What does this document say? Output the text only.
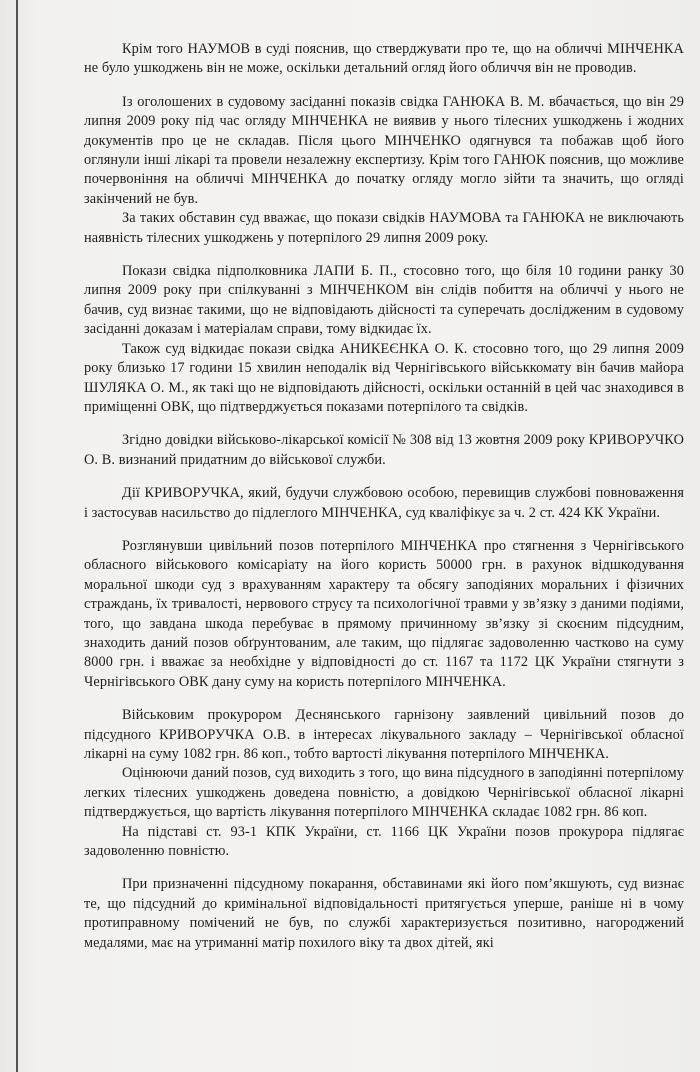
Крім того НАУМОВ в суді пояснив, що стверджувати про те, що на обличчі МІНЧЕНКА не було ушкоджень він не може, оскільки детальний огляд його обличчя він не проводив.

Із оголошених в судовому засіданні показів свідка ГАНЮКА В. М. вбачається, що він 29 липня 2009 року під час огляду МІНЧЕНКА не виявив у нього тілесних ушкоджень і жодних документів про це не складав. Після цього МІНЧЕНКО одягнувся та побажав щоб його оглянули інші лікарі та провели незалежну експертизу. Крім того ГАНЮК пояснив, що можливе почервоніння на обличчі МІНЧЕНКА до початку огляду могло зійти та значить, що огляді закінчений не був.

За таких обставин суд вважає, що покази свідків НАУМОВА та ГАНЮКА не виключають наявність тілесних ушкоджень у потерпілого 29 липня 2009 року.

Покази свідка підполковника ЛАПИ Б. П., стосовно того, що біля 10 години ранку 30 липня 2009 року при спілкуванні з МІНЧЕНКОМ він слідів побиття на обличчі у нього не бачив, суд визнає такими, що не відповідають дійсності та суперечать дослідженим в судовому засіданні доказам і матеріалам справи, тому відкидає їх.

Також суд відкидає покази свідка АНИКЕЄНКА О. К. стосовно того, що 29 липня 2009 року близько 17 години 15 хвилин неподалік від Чернігівського військкомату він бачив майора ШУЛЯКА О. М., як такі що не відповідають дійсності, оскільки останній в цей час знаходився в приміщенні ОВК, що підтверджується показами потерпілого та свідків.

Згідно довідки військово-лікарської комісії № 308 від 13 жовтня 2009 року КРИВОРУЧКО О. В. визнаний придатним до військової служби.

Дії КРИВОРУЧКА, який, будучи службовою особою, перевищив службові повноваження і застосував насильство до підлеглого МІНЧЕНКА, суд кваліфікує за ч. 2 ст. 424 КК України.

Розглянувши цивільний позов потерпілого МІНЧЕНКА про стягнення з Чернігівського обласного військового комісаріату на його користь 50000 грн. в рахунок відшкодування моральної шкоди суд з врахуванням характеру та обсягу заподіяних моральних і фізичних страждань, їх тривалості, нервового струсу та психологічної травми у зв’язку з даними подіями, того, що завдана шкода перебуває в прямому причинному зв’язку зі скоєним підсудним, знаходить даний позов обґрунтованим, але таким, що підлягає задоволенню частково на суму 8000 грн. і вважає за необхідне у відповідності до ст. 1167 та 1172 ЦК України стягнути з Чернігівського ОВК дану суму на користь потерпілого МІНЧЕНКА.

Військовим прокурором Деснянського гарнізону заявлений цивільний позов до підсудного КРИВОРУЧКА О.В. в інтересах лікувального закладу – Чернігівської обласної лікарні на суму 1082 грн. 86 коп., тобто вартості лікування потерпілого МІНЧЕНКА.

Оцінюючи даний позов, суд виходить з того, що вина підсудного в заподіянні потерпілому легких тілесних ушкоджень доведена повністю, а довідкою Чернігівської обласної лікарні підтверджується, що вартість лікування потерпілого МІНЧЕНКА складає 1082 грн. 86 коп.

На підставі ст. 93-1 КПК України, ст. 1166 ЦК України позов прокурора підлягає задоволенню повністю.

При призначенні підсудному покарання, обставинами які його пом’якшують, суд визнає те, що підсудний до кримінальної відповідальності притягується уперше, раніше ні в чому протиправному помічений не був, по службі характеризується позитивно, нагороджений медалями, має на утриманні матір похилого віку та двох дітей, які
